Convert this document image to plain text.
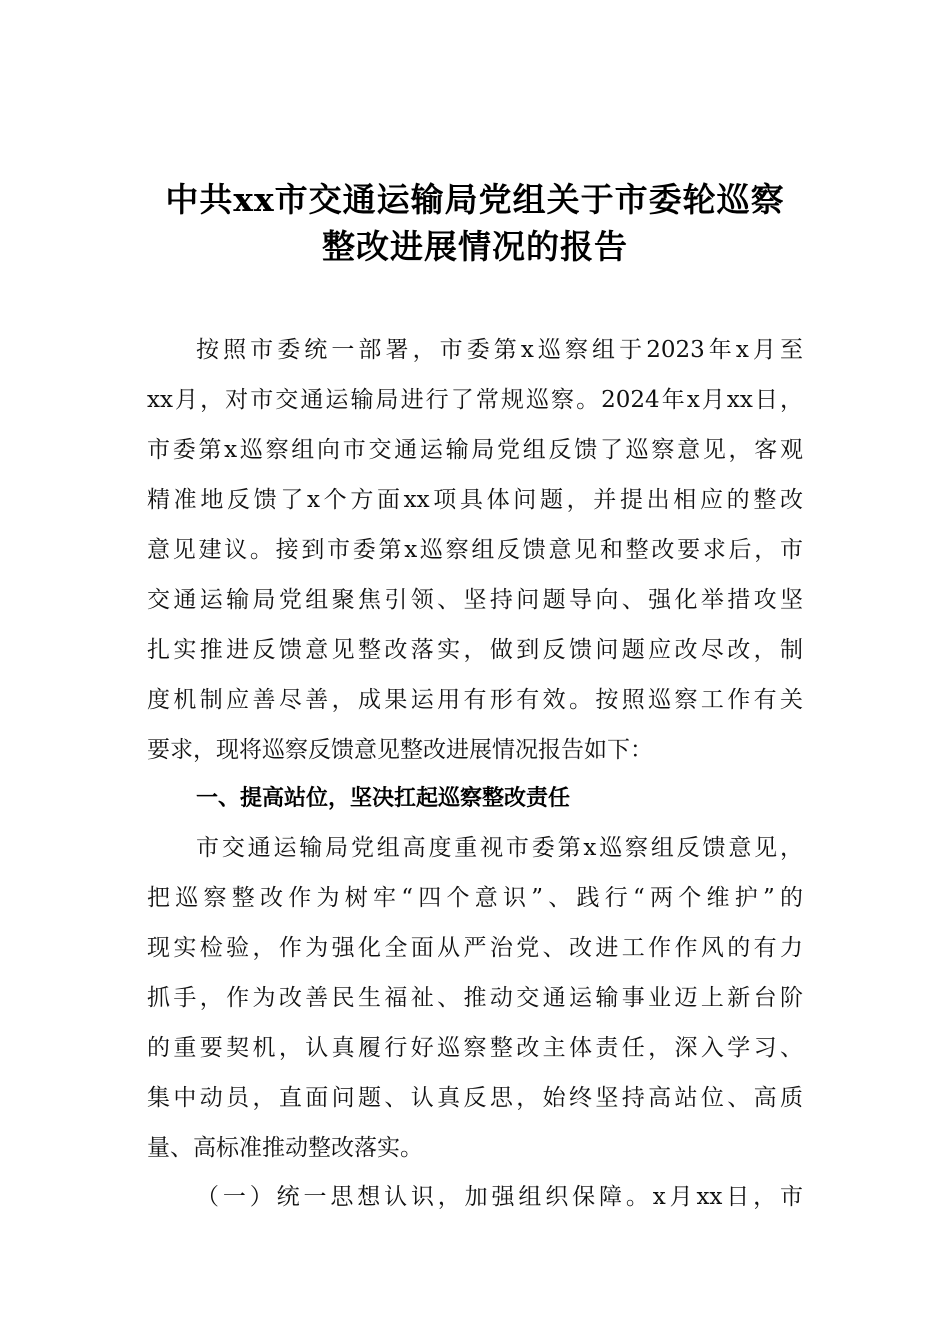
中共xx市交通运输局党组关于市委轮巡察
整改进展情况的报告
按照市委统一部署，市委第x巡察组于2023年x月至
xx月，对市交通运输局进行了常规巡察。2024年x月xx日，
市委第x巡察组向市交通运输局党组反馈了巡察意见，客观
精准地反馈了x个方面xx项具体问题，并提出相应的整改
意见建议。接到市委第x巡察组反馈意见和整改要求后，市
交通运输局党组聚焦引领、坚持问题导向、强化举措攻坚
扎实推进反馈意见整改落实，做到反馈问题应改尽改，制
度机制应善尽善，成果运用有形有效。按照巡察工作有关
要求，现将巡察反馈意见整改进展情况报告如下：
一、提高站位，坚决扛起巡察整改责任
市交通运输局党组高度重视市委第x巡察组反馈意见，
把巡察整改作为树牢“四个意识”、践行“两个维护”的
现实检验，作为强化全面从严治党、改进工作作风的有力
抓手，作为改善民生福祉、推动交通运输事业迈上新台阶
的重要契机，认真履行好巡察整改主体责任，深入学习、
集中动员，直面问题、认真反思，始终坚持高站位、高质
量、高标准推动整改落实。
（一）统一思想认识，加强组织保障。x月xx日，市
